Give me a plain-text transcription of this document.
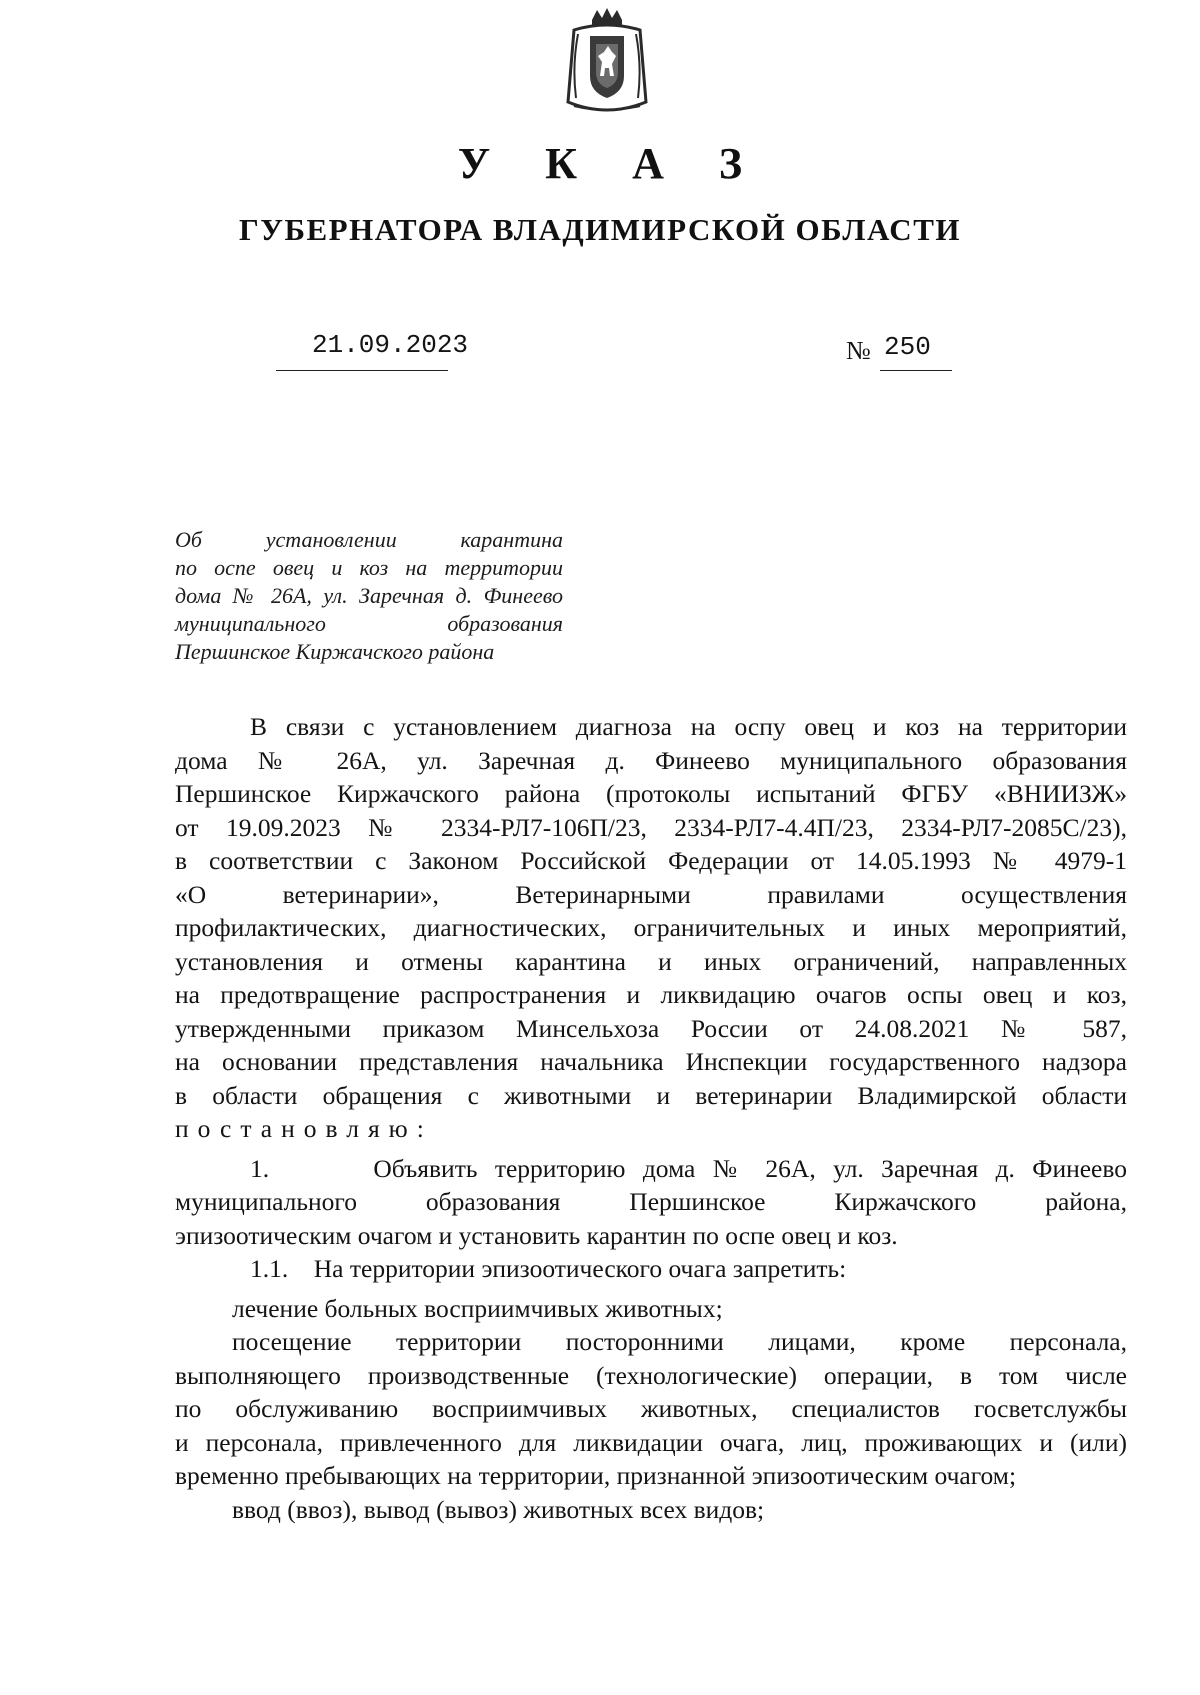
У К А З
ГУБЕРНАТОРА ВЛАДИМИРСКОЙ ОБЛАСТИ
21.09.2023	№ 250
Об установлении карантина
по оспе овец и коз на территории
дома № 26А, ул. Заречная д. Финеево
муниципального образования
Першинское Киржачского района
В связи с установлением диагноза на оспу овец и коз на территории
дома № 26А, ул. Заречная д. Финеево муниципального образования
Першинское Киржачского района (протоколы испытаний ФГБУ «ВНИИЗЖ»
от 19.09.2023 № 2334-РЛ7-106П/23, 2334-РЛ7-4.4П/23, 2334-РЛ7-2085С/23),
в соответствии с Законом Российской Федерации от 14.05.1993 № 4979-1
«О ветеринарии», Ветеринарными правилами осуществления
профилактических, диагностических, ограничительных и иных мероприятий,
установления и отмены карантина и иных ограничений, направленных
на предотвращение распространения и ликвидацию очагов оспы овец и коз,
утвержденными приказом Минсельхоза России от 24.08.2021 № 587,
на основании представления начальника Инспекции государственного надзора
в области обращения с животными и ветеринарии Владимирской области
постановляю:
1.      Объявить территорию дома № 26А, ул. Заречная д. Финеево
муниципального образования Першинское Киржачского района,
эпизоотическим очагом и установить карантин по оспе овец и коз.
1.1.    На территории эпизоотического очага запретить:
лечение больных восприимчивых животных;
посещение территории посторонними лицами, кроме персонала,
выполняющего производственные (технологические) операции, в том числе
по обслуживанию восприимчивых животных, специалистов госветслужбы
и персонала, привлеченного для ликвидации очага, лиц, проживающих и (или)
временно пребывающих на территории, признанной эпизоотическим очагом;
ввод (ввоз), вывод (вывоз) животных всех видов;
